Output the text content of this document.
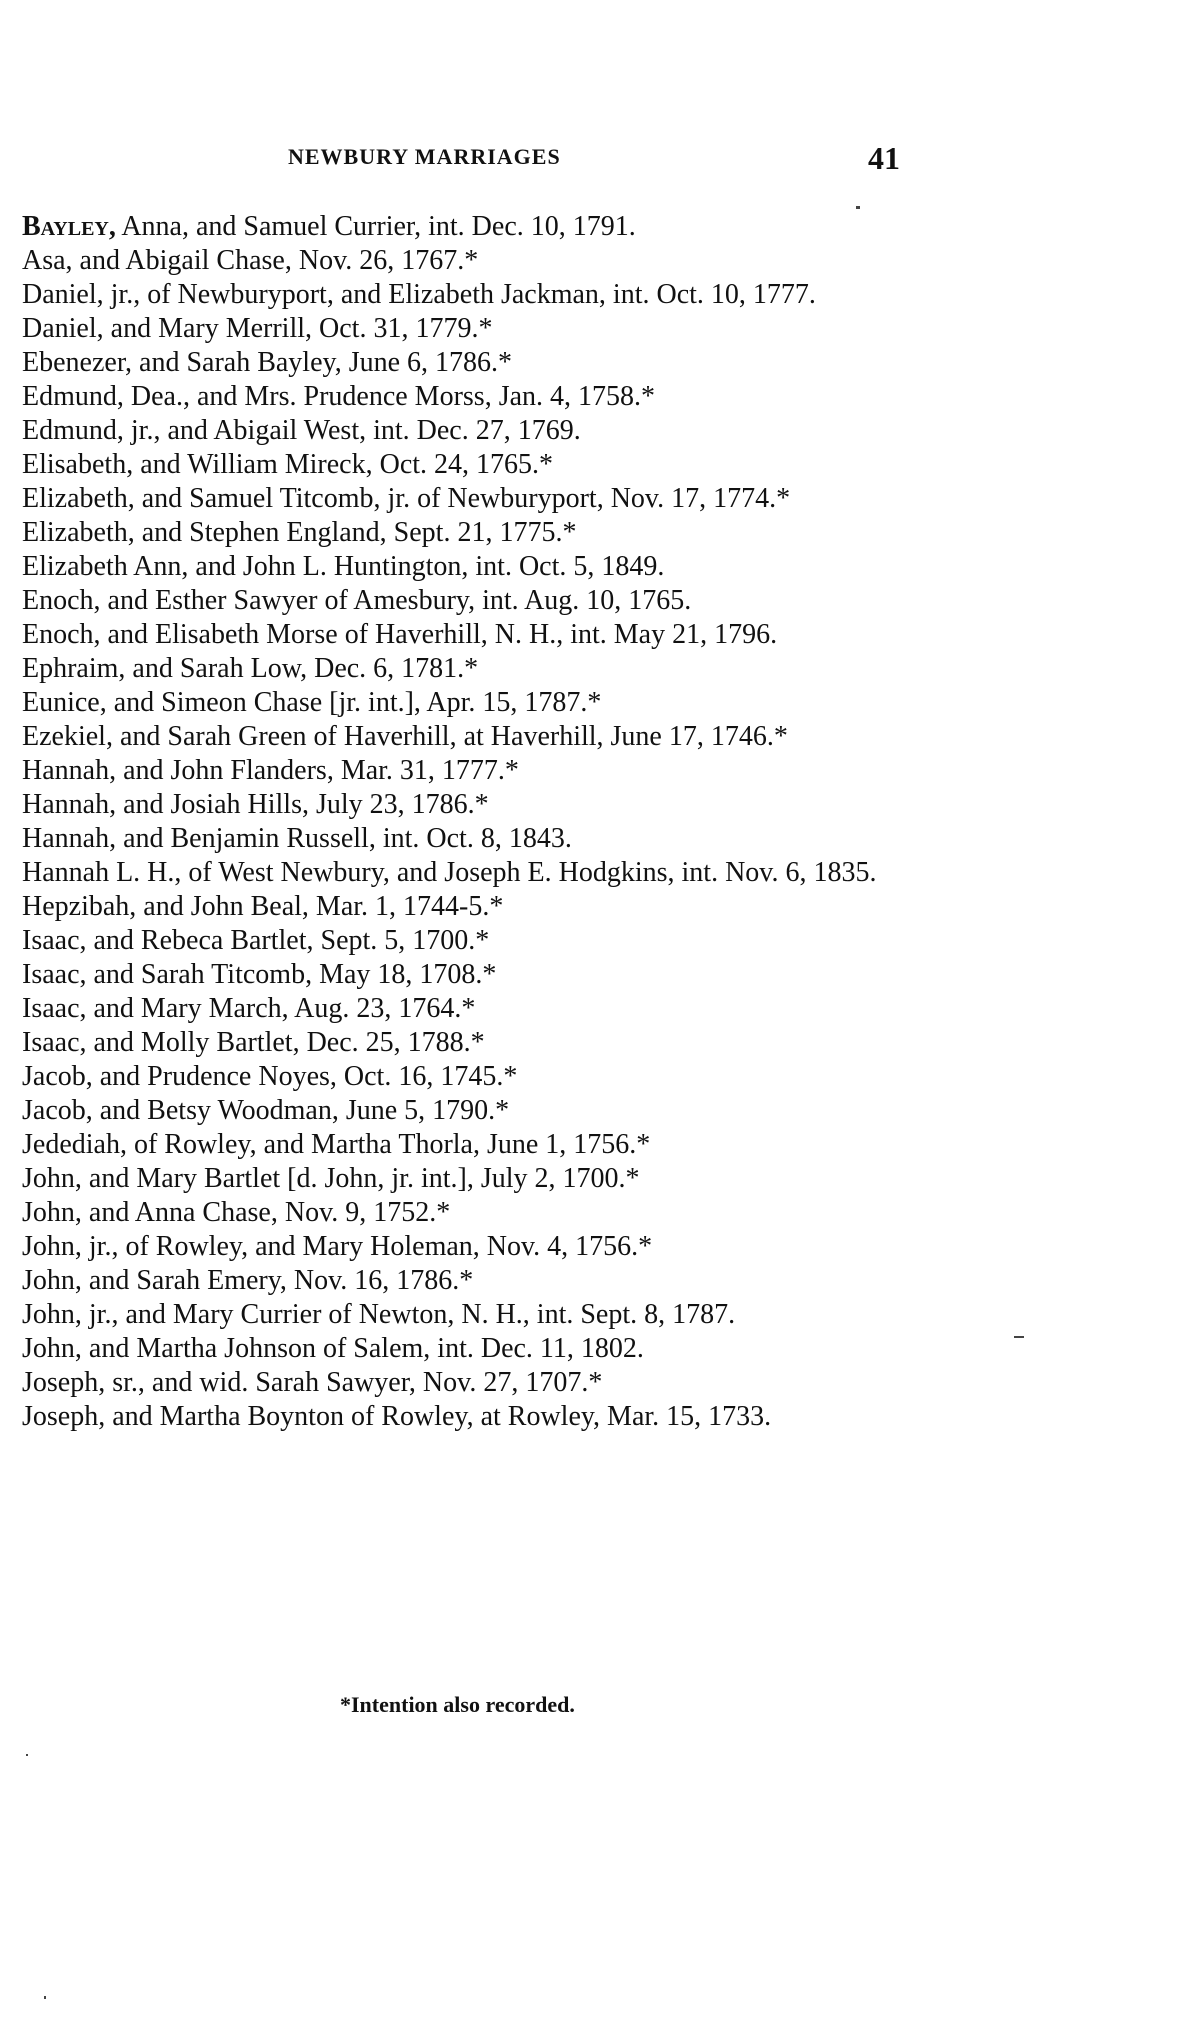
NEWBURY MARRIAGES	41
Bayley, Anna, and Samuel Currier, int. Dec. 10, 1791.
Asa, and Abigail Chase, Nov. 26, 1767.*
Daniel, jr., of Newburyport, and Elizabeth Jackman, int. Oct. 10, 1777.
Daniel, and Mary Merrill, Oct. 31, 1779.*
Ebenezer, and Sarah Bayley, June 6, 1786.*
Edmund, Dea., and Mrs. Prudence Morss, Jan. 4, 1758.*
Edmund, jr., and Abigail West, int. Dec. 27, 1769.
Elisabeth, and William Mireck, Oct. 24, 1765.*
Elizabeth, and Samuel Titcomb, jr. of Newburyport, Nov. 17, 1774.*
Elizabeth, and Stephen England, Sept. 21, 1775.*
Elizabeth Ann, and John L. Huntington, int. Oct. 5, 1849.
Enoch, and Esther Sawyer of Amesbury, int. Aug. 10, 1765.
Enoch, and Elisabeth Morse of Haverhill, N. H., int. May 21, 1796.
Ephraim, and Sarah Low, Dec. 6, 1781.*
Eunice, and Simeon Chase [jr. int.], Apr. 15, 1787.*
Ezekiel, and Sarah Green of Haverhill, at Haverhill, June 17, 1746.*
Hannah, and John Flanders, Mar. 31, 1777.*
Hannah, and Josiah Hills, July 23, 1786.*
Hannah, and Benjamin Russell, int. Oct. 8, 1843.
Hannah L. H., of West Newbury, and Joseph E. Hodgkins, int. Nov. 6, 1835.
Hepzibah, and John Beal, Mar. 1, 1744-5.*
Isaac, and Rebeca Bartlet, Sept. 5, 1700.*
Isaac, and Sarah Titcomb, May 18, 1708.*
Isaac, and Mary March, Aug. 23, 1764.*
Isaac, and Molly Bartlet, Dec. 25, 1788.*
Jacob, and Prudence Noyes, Oct. 16, 1745.*
Jacob, and Betsy Woodman, June 5, 1790.*
Jedediah, of Rowley, and Martha Thorla, June 1, 1756.*
John, and Mary Bartlet [d. John, jr. int.], July 2, 1700.*
John, and Anna Chase, Nov. 9, 1752.*
John, jr., of Rowley, and Mary Holeman, Nov. 4, 1756.*
John, and Sarah Emery, Nov. 16, 1786.*
John, jr., and Mary Currier of Newton, N. H., int. Sept. 8, 1787.
John, and Martha Johnson of Salem, int. Dec. 11, 1802.
Joseph, sr., and wid. Sarah Sawyer, Nov. 27, 1707.*
Joseph, and Martha Boynton of Rowley, at Rowley, Mar. 15, 1733.
*Intention also recorded.
